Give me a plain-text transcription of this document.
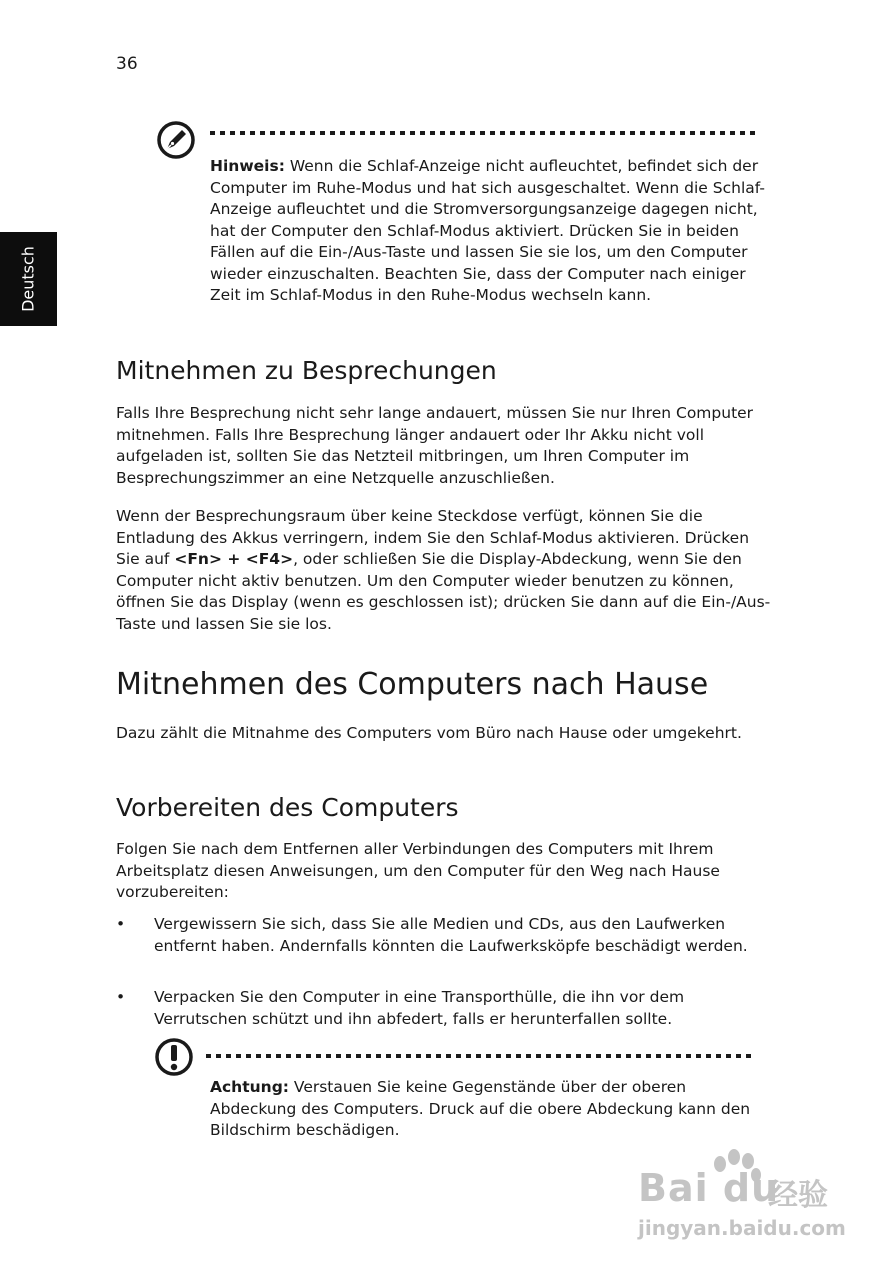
36
Deutsch

Hinweis: Wenn die Schlaf-Anzeige nicht aufleuchtet, befindet sich der Computer im Ruhe-Modus und hat sich ausgeschaltet. Wenn die Schlaf-Anzeige aufleuchtet und die Stromversorgungsanzeige dagegen nicht, hat der Computer den Schlaf-Modus aktiviert. Drücken Sie in beiden Fällen auf die Ein-/Aus-Taste und lassen Sie sie los, um den Computer wieder einzuschalten. Beachten Sie, dass der Computer nach einiger Zeit im Schlaf-Modus in den Ruhe-Modus wechseln kann.

Mitnehmen zu Besprechungen

Falls Ihre Besprechung nicht sehr lange andauert, müssen Sie nur Ihren Computer mitnehmen. Falls Ihre Besprechung länger andauert oder Ihr Akku nicht voll aufgeladen ist, sollten Sie das Netzteil mitbringen, um Ihren Computer im Besprechungszimmer an eine Netzquelle anzuschließen.

Wenn der Besprechungsraum über keine Steckdose verfügt, können Sie die Entladung des Akkus verringern, indem Sie den Schlaf-Modus aktivieren. Drücken Sie auf <Fn> + <F4>, oder schließen Sie die Display-Abdeckung, wenn Sie den Computer nicht aktiv benutzen. Um den Computer wieder benutzen zu können, öffnen Sie das Display (wenn es geschlossen ist); drücken Sie dann auf die Ein-/Aus-Taste und lassen Sie sie los.

Mitnehmen des Computers nach Hause

Dazu zählt die Mitnahme des Computers vom Büro nach Hause oder umgekehrt.

Vorbereiten des Computers

Folgen Sie nach dem Entfernen aller Verbindungen des Computers mit Ihrem Arbeitsplatz diesen Anweisungen, um den Computer für den Weg nach Hause vorzubereiten:

• Vergewissern Sie sich, dass Sie alle Medien und CDs, aus den Laufwerken entfernt haben. Andernfalls könnten die Laufwerksköpfe beschädigt werden.

• Verpacken Sie den Computer in eine Transporthülle, die ihn vor dem Verrutschen schützt und ihn abfedert, falls er herunterfallen sollte.

Achtung: Verstauen Sie keine Gegenstände über der oberen Abdeckung des Computers. Druck auf die obere Abdeckung kann den Bildschirm beschädigen.

Bai du
经验
jingyan.baidu.com
